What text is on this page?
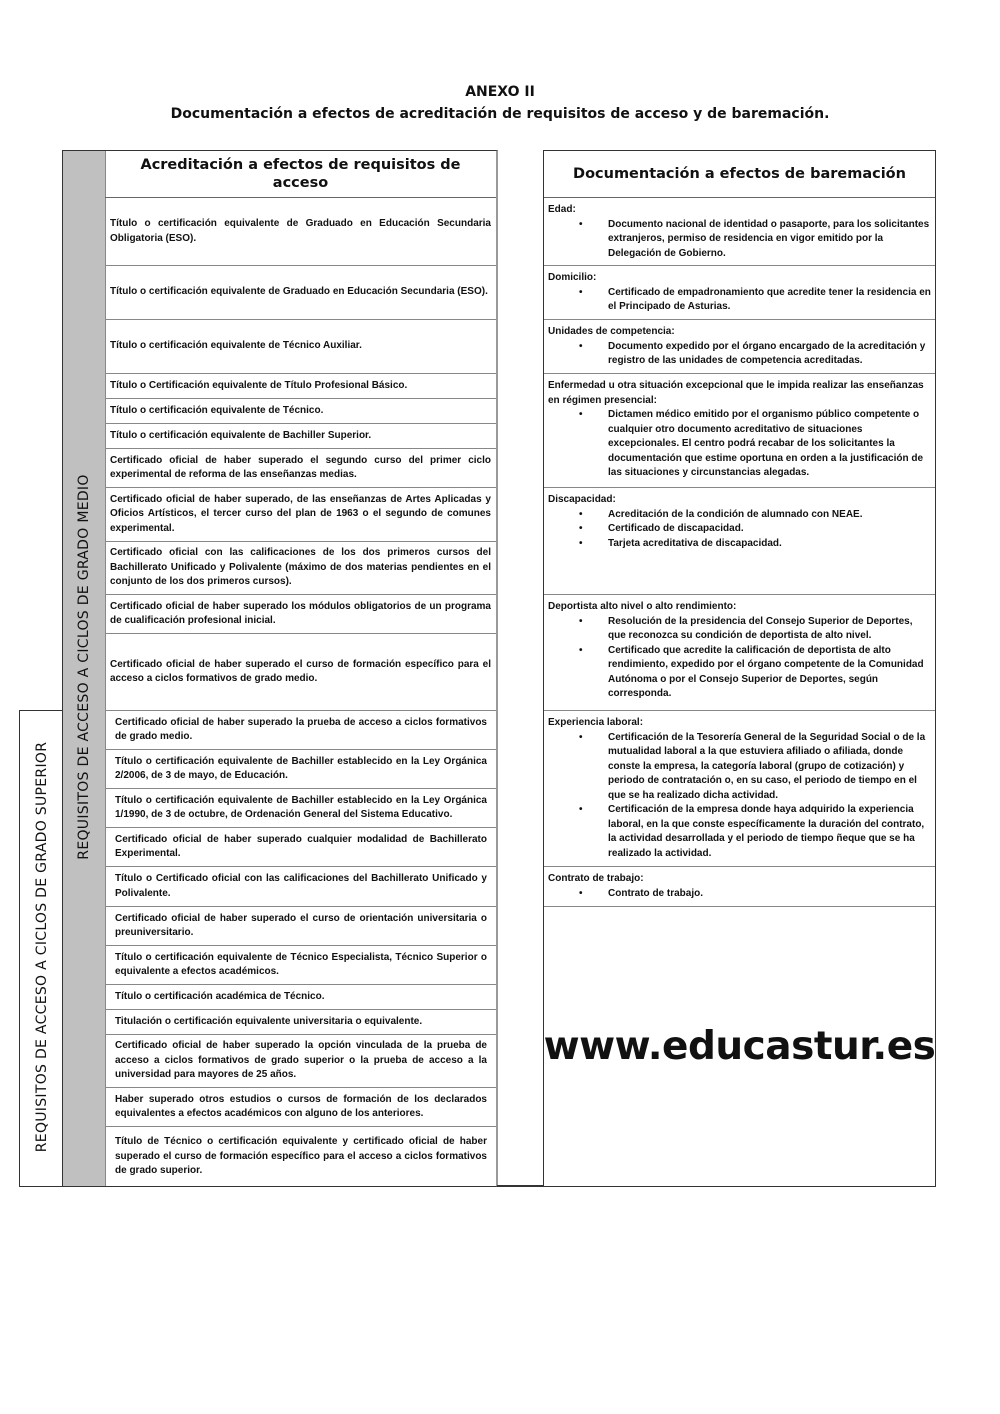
ANEXO II
Documentación a efectos de acreditación de requisitos de acceso y de baremación.
REQUISITOS DE ACCESO A CICLOS DE GRADO SUPERIOR
REQUISITOS DE ACCESO A CICLOS DE GRADO MEDIO
Acreditación a efectos de requisitos de acceso
Título o certificación equivalente de Graduado en Educación Secundaria Obligatoria (ESO).
Título o certificación equivalente de Graduado en Educación Secundaria (ESO).
Título o certificación equivalente de Técnico Auxiliar.
Título o Certificación equivalente de Título Profesional Básico.
Título o certificación equivalente de Técnico.
Título o certificación equivalente de Bachiller Superior.
Certificado oficial de haber superado el segundo curso del primer ciclo experimental de reforma de las enseñanzas medias.
Certificado oficial de haber superado, de las enseñanzas de Artes Aplicadas y Oficios Artísticos, el tercer curso del plan de 1963 o el segundo de comunes experimental.
Certificado oficial con las calificaciones de los dos primeros cursos del Bachillerato Unificado y Polivalente (máximo de dos materias pendientes en el conjunto de los dos primeros cursos).
Certificado oficial de haber superado los módulos obligatorios de un programa de cualificación profesional inicial.
Certificado oficial de haber superado el curso de formación específico para el acceso a ciclos formativos de grado medio.
Certificado oficial de haber superado la prueba de acceso a ciclos formativos de grado medio.
Título o certificación equivalente de Bachiller establecido en la Ley Orgánica 2/2006, de 3 de mayo, de Educación.
Título o certificación equivalente de Bachiller establecido en la Ley Orgánica 1/1990, de 3 de octubre, de Ordenación General del Sistema Educativo.
Certificado oficial de haber superado cualquier modalidad de Bachillerato Experimental.
Título o Certificado oficial con las calificaciones del Bachillerato Unificado y Polivalente.
Certificado oficial de haber superado el curso de orientación universitaria o preuniversitario.
Título o certificación equivalente de Técnico Especialista, Técnico Superior o equivalente a efectos académicos.
Título o certificación académica de Técnico.
Titulación o certificación equivalente universitaria o equivalente.
Certificado oficial de haber superado la opción vinculada de la prueba de acceso a ciclos formativos de grado superior o la prueba de acceso a la universidad para mayores de 25 años.
Haber superado otros estudios o cursos de formación de los declarados equivalentes a efectos académicos con alguno de los anteriores.
Título de Técnico o certificación equivalente y certificado oficial de haber superado el curso de formación específico para el acceso a ciclos formativos de grado superior.
Documentación a efectos de baremación
Edad:
• Documento nacional de identidad o pasaporte, para los solicitantes extranjeros, permiso de residencia en vigor emitido por la Delegación de Gobierno.
Domicilio:
• Certificado de empadronamiento que acredite tener la residencia en el Principado de Asturias.
Unidades de competencia:
• Documento expedido por el órgano encargado de la acreditación y registro de las unidades de competencia acreditadas.
Enfermedad u otra situación excepcional que le impida realizar las enseñanzas en régimen presencial:
• Dictamen médico emitido por el organismo público competente o cualquier otro documento acreditativo de situaciones excepcionales. El centro podrá recabar de los solicitantes la documentación que estime oportuna en orden a la justificación de las situaciones y circunstancias alegadas.
Discapacidad:
• Acreditación de la condición de alumnado con NEAE.
• Certificado de discapacidad.
• Tarjeta acreditativa de discapacidad.
Deportista alto nivel o alto rendimiento:
• Resolución de la presidencia del Consejo Superior de Deportes, que reconozca su condición de deportista de alto nivel.
• Certificado que acredite la calificación de deportista de alto rendimiento, expedido por el órgano competente de la Comunidad Autónoma o por el Consejo Superior de Deportes, según corresponda.
Experiencia laboral:
• Certificación de la Tesorería General de la Seguridad Social o de la mutualidad laboral a la que estuviera afiliado o afiliada, donde conste la empresa, la categoría laboral (grupo de cotización) y periodo de contratación o, en su caso, el periodo de tiempo en el que se ha realizado dicha actividad.
• Certificación de la empresa donde haya adquirido la experiencia laboral, en la que conste específicamente la duración del contrato, la actividad desarrollada y el periodo de tiempo ñeque que se ha realizado la actividad.
Contrato de trabajo:
• Contrato de trabajo.
www.educastur.es
